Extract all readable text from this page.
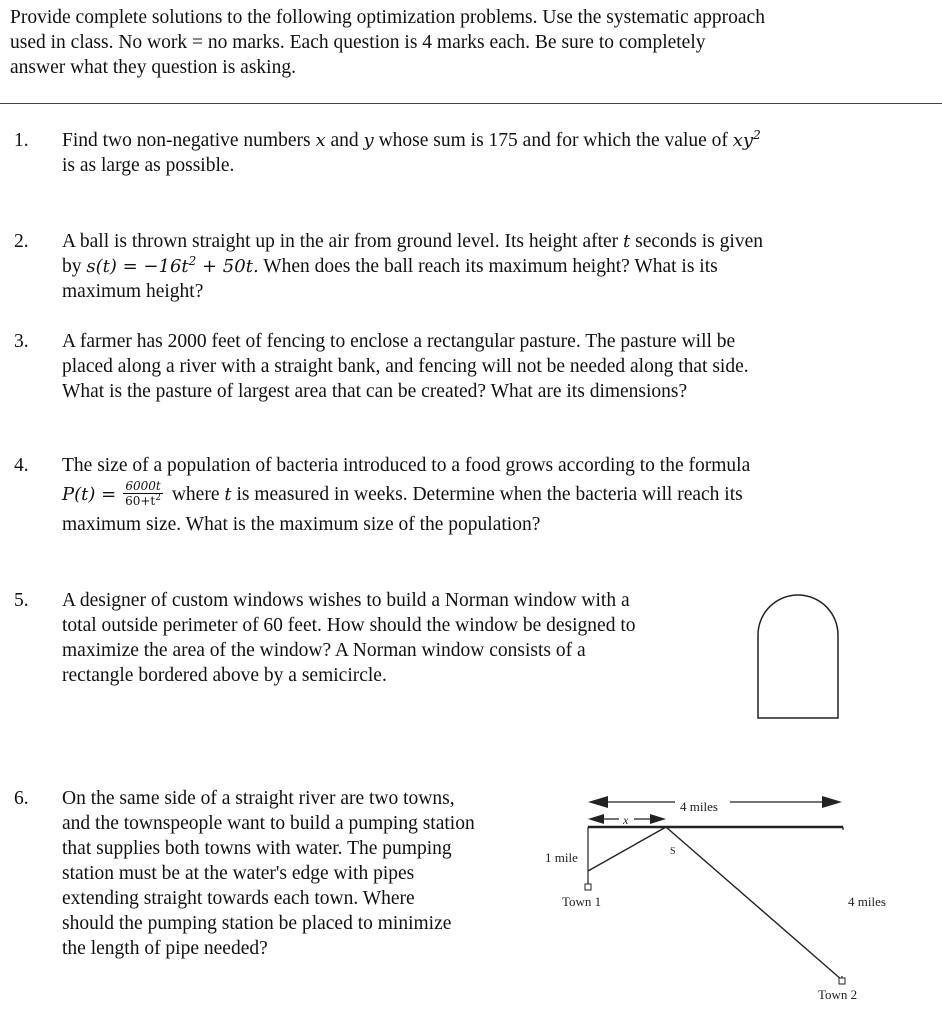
Provide complete solutions to the following optimization problems. Use the systematic approach
used in class. No work = no marks. Each question is 4 marks each. Be sure to completely
answer what they question is asking.
1. Find two non-negative numbers x and y whose sum is 175 and for which the value of $xy^2$
is as large as possible.
2. A ball is thrown straight up in the air from ground level. Its height after t seconds is given
by $s(t) = -16t^2 + 50t$. When does the ball reach its maximum height? What is its
maximum height?
3. A farmer has 2000 feet of fencing to enclose a rectangular pasture. The pasture will be
placed along a river with a straight bank, and fencing will not be needed along that side.
What is the pasture of largest area that can be created? What are its dimensions?
4. The size of a population of bacteria introduced to a food grows according to the formula
$P(t) = \frac{6000t}{60+t^2}$ where t is measured in weeks. Determine when the bacteria will reach its
maximum size. What is the maximum size of the population?
5. A designer of custom windows wishes to build a Norman window with a
total outside perimeter of 60 feet. How should the window be designed to
maximize the area of the window? A Norman window consists of a
rectangle bordered above by a semicircle.
6. On the same side of a straight river are two towns,
and the townspeople want to build a pumping station
that supplies both towns with water. The pumping
station must be at the water's edge with pipes
extending straight towards each town. Where
should the pumping station be placed to minimize
the length of pipe needed?
4 miles
x
1 mile	S
Town 1	4 miles
Town 2
